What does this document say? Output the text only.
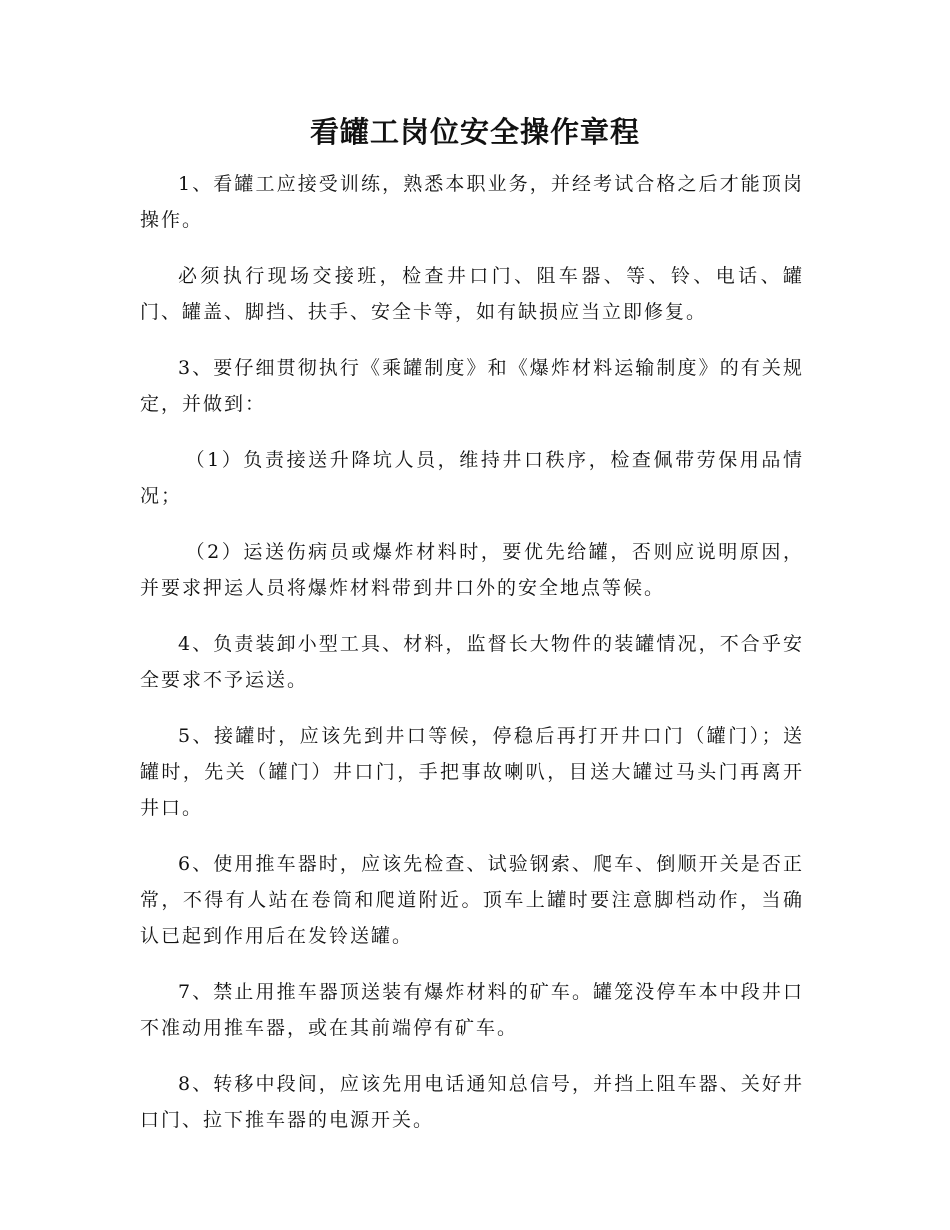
看罐工岗位安全操作章程

1、看罐工应接受训练，熟悉本职业务，并经考试合格之后才能顶岗操作。

必须执行现场交接班，检查井口门、阻车器、等、铃、电话、罐门、罐盖、脚挡、扶手、安全卡等，如有缺损应当立即修复。

3、要仔细贯彻执行《乘罐制度》和《爆炸材料运输制度》的有关规定，并做到：

（1）负责接送升降坑人员，维持井口秩序，检查佩带劳保用品情况；

（2）运送伤病员或爆炸材料时，要优先给罐，否则应说明原因，并要求押运人员将爆炸材料带到井口外的安全地点等候。

4、负责装卸小型工具、材料，监督长大物件的装罐情况，不合乎安全要求不予运送。

5、接罐时，应该先到井口等候，停稳后再打开井口门（罐门）；送罐时，先关（罐门）井口门，手把事故喇叭，目送大罐过马头门再离开井口。

6、使用推车器时，应该先检查、试验钢索、爬车、倒顺开关是否正常，不得有人站在卷筒和爬道附近。顶车上罐时要注意脚档动作，当确认已起到作用后在发铃送罐。

7、禁止用推车器顶送装有爆炸材料的矿车。罐笼没停车本中段井口不准动用推车器，或在其前端停有矿车。

8、转移中段间，应该先用电话通知总信号，并挡上阻车器、关好井口门、拉下推车器的电源开关。
